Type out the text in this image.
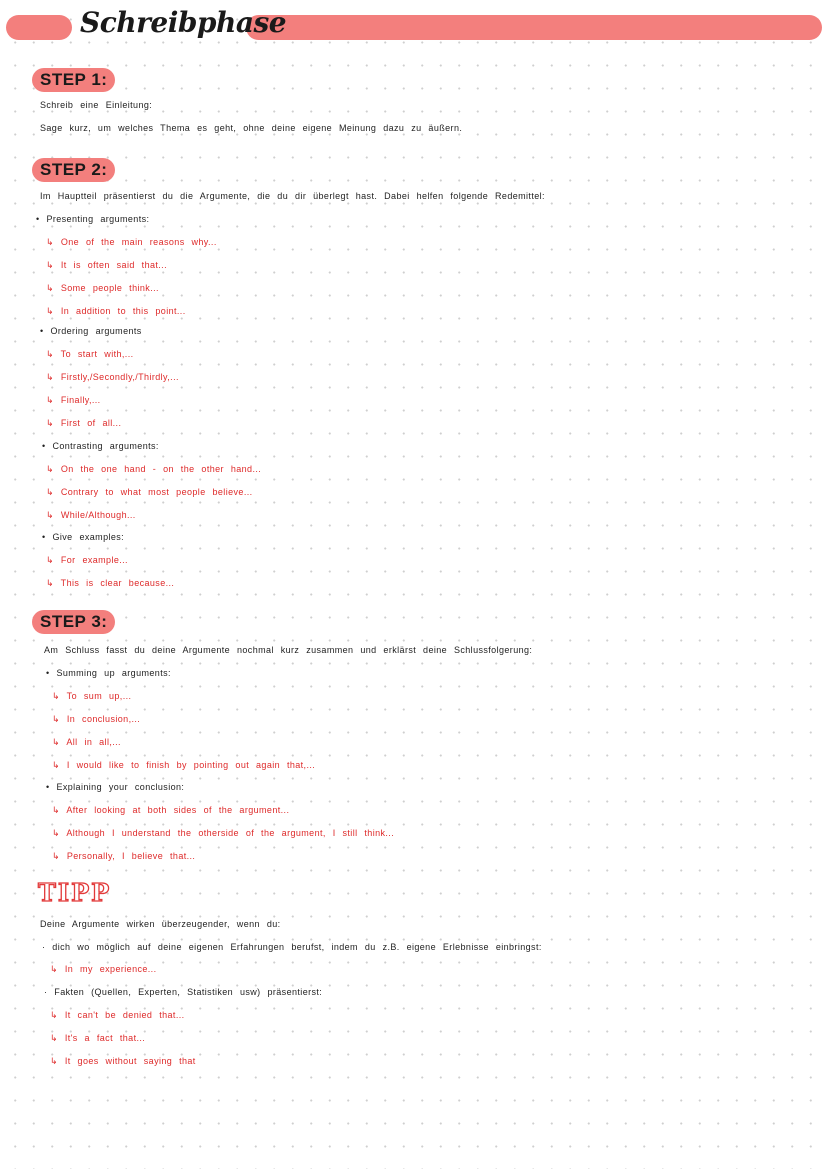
Schreibphase
STEP 1:
Schreib eine Einleitung:
Sage kurz, um welches Thema es geht, ohne deine eigene Meinung dazu zu äußern.
STEP 2:
Im Hauptteil präsentierst du die Argumente, die du dir überlegt hast. Dabei helfen folgende Redemittel:
• Presenting arguments:
↳ One of the main reasons why...
↳ It is often said that...
↳ Some people think...
↳ In addition to this point...
• Ordering arguments
↳ To start with,...
↳ Firstly,/Secondly,/Thirdly,...
↳ Finally,...
↳ First of all...
• Contrasting arguments:
↳ On the one hand - on the other hand...
↳ Contrary to what most people believe...
↳ While/Although...
• Give examples:
↳ For example...
↳ This is clear because...
STEP 3:
Am Schluss fasst du deine Argumente nochmal kurz zusammen und erklärst deine Schlussfolgerung:
• Summing up arguments:
↳ To sum up,...
↳ In conclusion,...
↳ All in all,...
↳ I would like to finish by pointing out again that,...
• Explaining your conclusion:
↳ After looking at both sides of the argument...
↳ Although I understand the otherside of the argument, I still think...
↳ Personally, I believe that...
TIPP
Deine Argumente wirken überzeugender, wenn du:
· dich wo möglich auf deine eigenen Erfahrungen berufst, indem du z.B. eigene Erlebnisse einbringst:
↳ In my experience...
· Fakten (Quellen, Experten, Statistiken usw) präsentierst:
↳ It can't be denied that...
↳ It's a fact that...
↳ It goes without saying that
